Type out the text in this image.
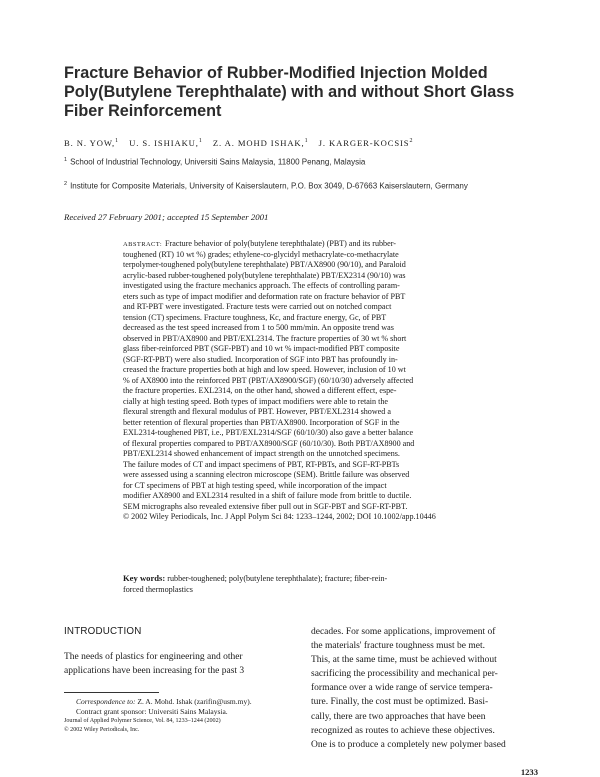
Fracture Behavior of Rubber-Modified Injection Molded
Poly(Butylene Terephthalate) with and without Short Glass
Fiber Reinforcement
B. N. YOW,$^1$ U. S. ISHIAKU,$^1$ Z. A. MOHD ISHAK,$^1$ J. KARGER-KOCSIS$^2$
$^1$ School of Industrial Technology, Universiti Sains Malaysia, 11800 Penang, Malaysia
$^2$ Institute for Composite Materials, University of Kaiserslautern, P.O. Box 3049, D-67663 Kaiserslautern, Germany
Received 27 February 2001; accepted 15 September 2001
ABSTRACT: Fracture behavior of poly(butylene terephthalate) (PBT) and its rubber-
toughened (RT) 10 wt %) grades; ethylene-co-glycidyl methacrylate-co-methacrylate
terpolymer-toughened poly(butylene terephthalate) PBT/AX8900 (90/10), and Paraloid
acrylic-based rubber-toughened poly(butylene terephthalate) PBT/EX2314 (90/10) was
investigated using the fracture mechanics approach. The effects of controlling param-
eters such as type of impact modifier and deformation rate on fracture behavior of PBT
and RT-PBT were investigated. Fracture tests were carried out on notched compact
tension (CT) specimens. Fracture toughness, Kc, and fracture energy, Gc, of PBT
decreased as the test speed increased from 1 to 500 mm/min. An opposite trend was
observed in PBT/AX8900 and PBT/EXL2314. The fracture properties of 30 wt % short
glass fiber-reinforced PBT (SGF-PBT) and 10 wt % impact-modified PBT composite
(SGF-RT-PBT) were also studied. Incorporation of SGF into PBT has profoundly in-
creased the fracture properties both at high and low speed. However, inclusion of 10 wt
% of AX8900 into the reinforced PBT (PBT/AX8900/SGF) (60/10/30) adversely affected
the fracture properties. EXL2314, on the other hand, showed a different effect, espe-
cially at high testing speed. Both types of impact modifiers were able to retain the
flexural strength and flexural modulus of PBT. However, PBT/EXL2314 showed a
better retention of flexural properties than PBT/AX8900. Incorporation of SGF in the
EXL2314-toughened PBT, i.e., PBT/EXL2314/SGF (60/10/30) also gave a better balance
of flexural properties compared to PBT/AX8900/SGF (60/10/30). Both PBT/AX8900 and
PBT/EXL2314 showed enhancement of impact strength on the unnotched specimens.
The failure modes of CT and impact specimens of PBT, RT-PBTs, and SGF-RT-PBTs
were assessed using a scanning electron microscope (SEM). Brittle failure was observed
for CT specimens of PBT at high testing speed, while incorporation of the impact
modifier AX8900 and EXL2314 resulted in a shift of failure mode from brittle to ductile.
SEM micrographs also revealed extensive fiber pull out in SGF-PBT and SGF-RT-PBT.
© 2002 Wiley Periodicals, Inc. J Appl Polym Sci 84: 1233–1244, 2002; DOI 10.1002/app.10446
Key words: rubber-toughened; poly(butylene terephthalate); fracture; fiber-rein-
forced thermoplastics
INTRODUCTION
The needs of plastics for engineering and other
applications have been increasing for the past 3
decades. For some applications, improvement of
the materials' fracture toughness must be met.
This, at the same time, must be achieved without
sacrificing the processibility and mechanical per-
formance over a wide range of service tempera-
ture. Finally, the cost must be optimized. Basi-
cally, there are two approaches that have been
recognized as routes to achieve these objectives.
One is to produce a completely new polymer based
Correspondence to: Z. A. Mohd. Ishak (zarifin@usm.my).
Contract grant sponsor: Universiti Sains Malaysia.
Journal of Applied Polymer Science, Vol. 84, 1233–1244 (2002)
© 2002 Wiley Periodicals, Inc.
1233
